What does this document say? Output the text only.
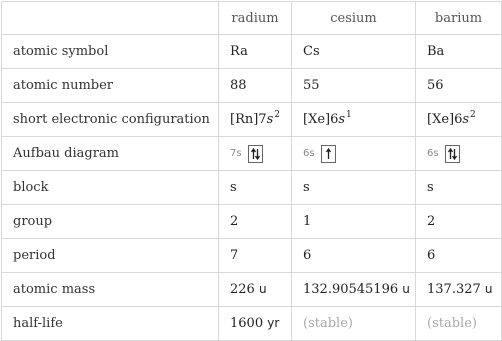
	radium	cesium	barium
atomic symbol	Ra	Cs	Ba
atomic number	88	55	56
short electronic configuration	$[Rn]7s^2$	$[Xe]6s^1$	$[Xe]6s^2$
Aufbau diagram	7s	6s	6s

block	s	s	s
group	2	1	2
period	7	6	6
atomic mass	226 u	132.90545196 u	137.327 u
half-life	1600 yr	(stable)	(stable)
